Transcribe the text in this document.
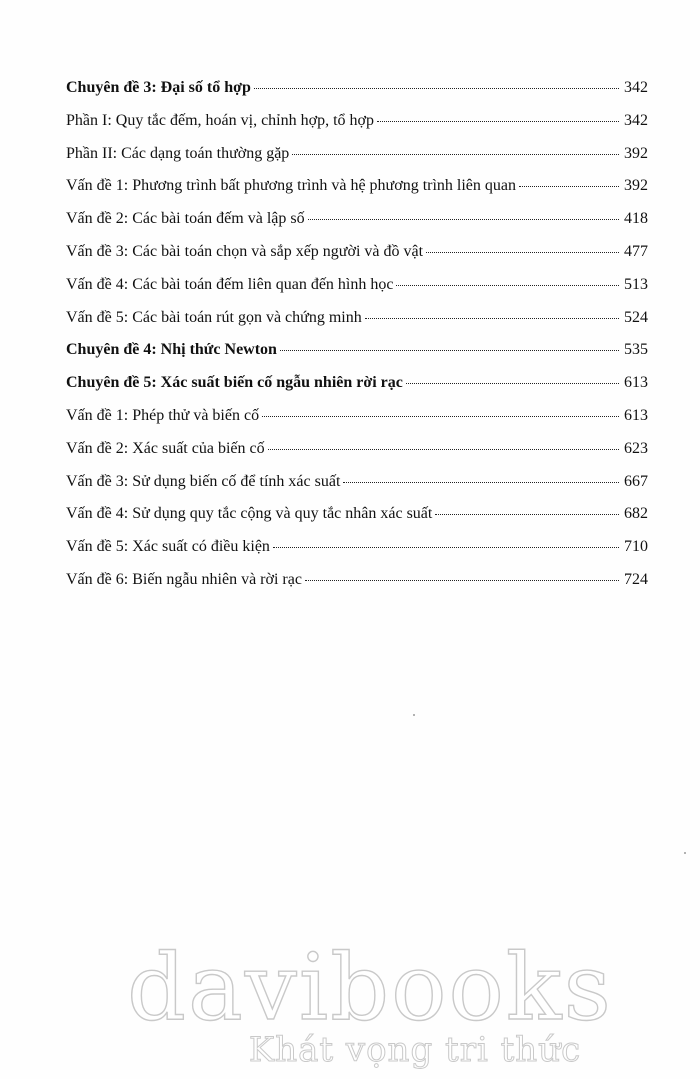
Chuyên đề 3: Đại số tổ hợp	342
Phần I: Quy tắc đếm, hoán vị, chỉnh hợp, tổ hợp	342
Phần II: Các dạng toán thường gặp	392
Vấn đề 1: Phương trình bất phương trình và hệ phương trình liên quan	392
Vấn đề 2: Các bài toán đếm và lập số	418
Vấn đề 3: Các bài toán chọn và sắp xếp người và đồ vật	477
Vấn đề 4: Các bài toán đếm liên quan đến hình học	513
Vấn đề 5: Các bài toán rút gọn và chứng minh	524
Chuyên đề 4: Nhị thức Newton	535
Chuyên đề 5: Xác suất biến cố ngẫu nhiên rời rạc	613
Vấn đề 1: Phép thử và biến cố	613
Vấn đề 2: Xác suất của biến cố	623
Vấn đề 3: Sử dụng biến cố để tính xác suất	667
Vấn đề 4: Sử dụng quy tắc cộng và quy tắc nhân xác suất	682
Vấn đề 5: Xác suất có điều kiện	710
Vấn đề 6: Biến ngẫu nhiên và rời rạc	724
davibooks
Khát vọng tri thức
